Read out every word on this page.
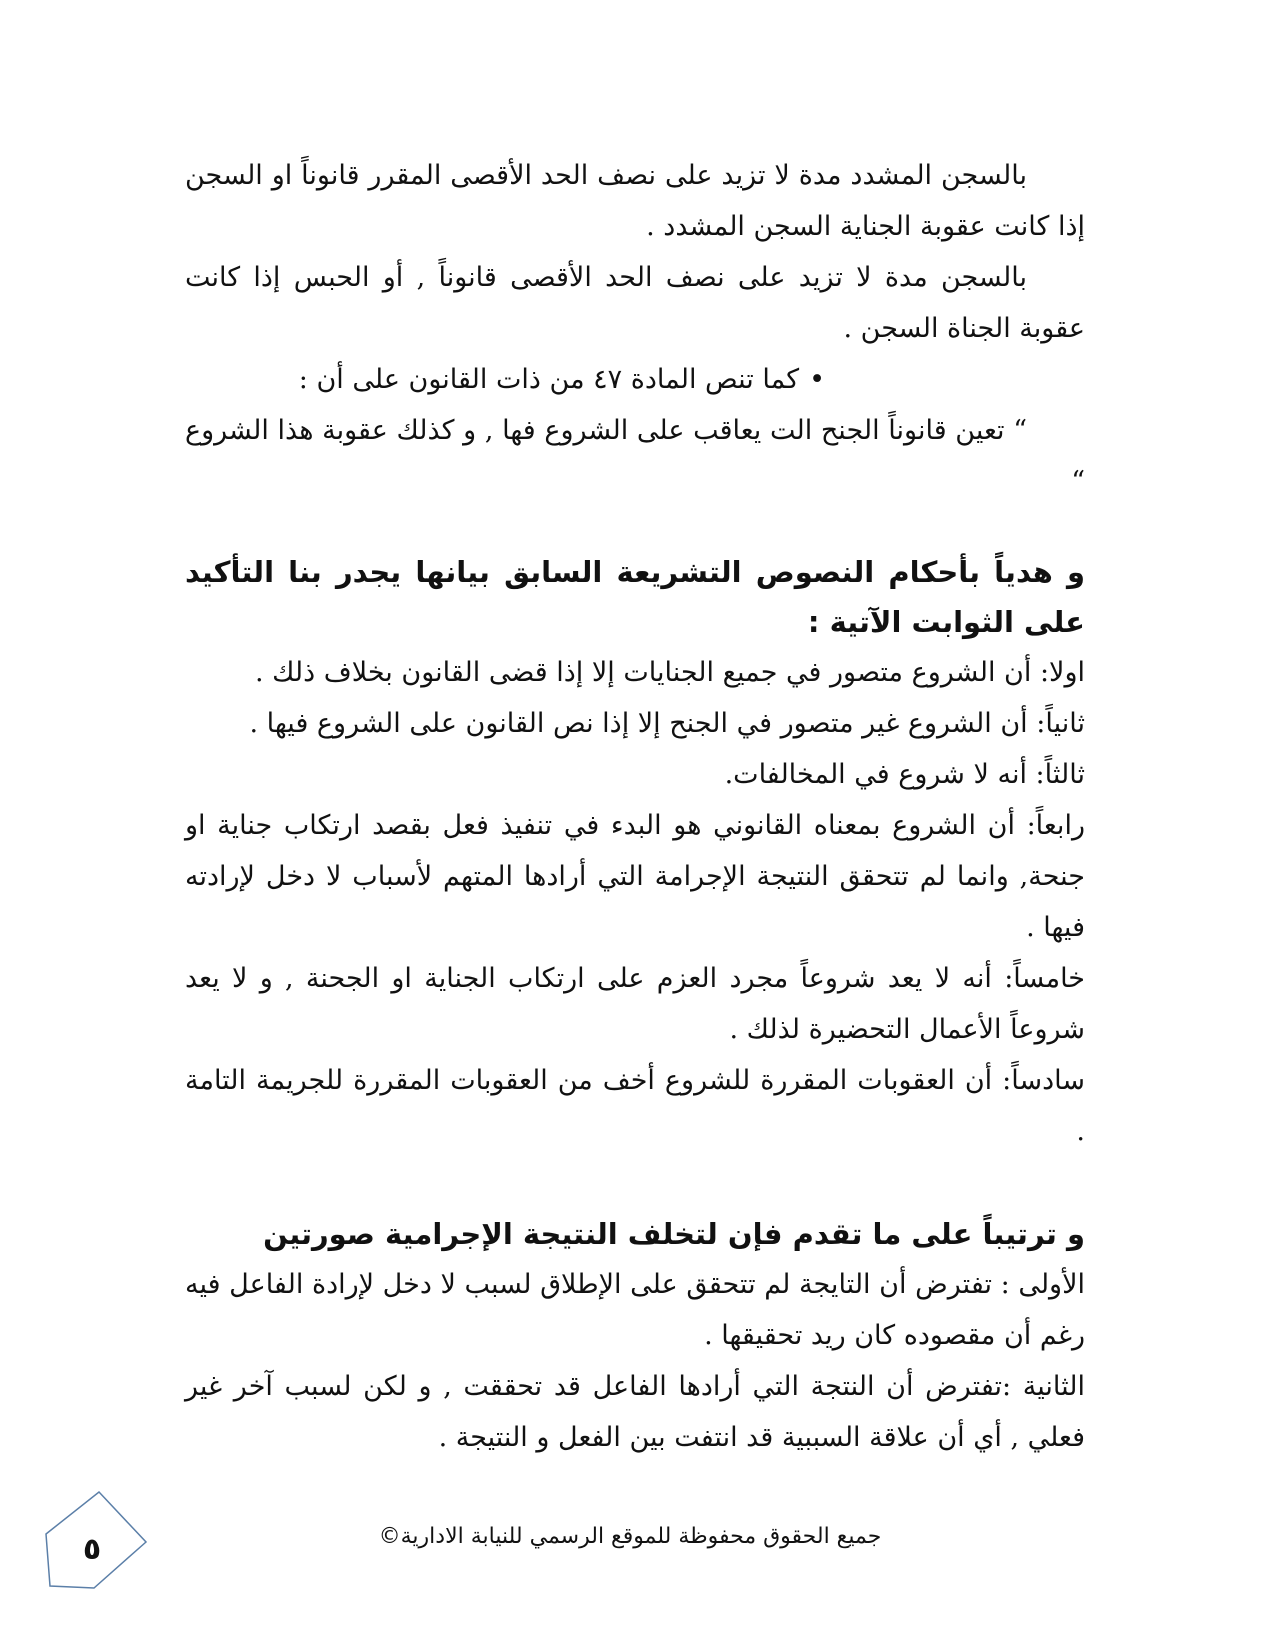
بالسجن المشدد مدة لا تزيد على نصف الحد الأقصى المقرر قانوناً او السجن إذا كانت عقوبة الجناية السجن المشدد .

بالسجن مدة لا تزيد على نصف الحد الأقصى قانوناً , أو الحبس إذا كانت عقوبة الجناة السجن .

•كما تنص المادة ٤٧ من ذات القانون على أن :

“ تعين قانوناً الجنح الت يعاقب على الشروع فها , و كذلك عقوبة هذا الشروع “

و هدياً بأحكام النصوص التشريعة السابق بيانها يجدر بنا التأكيد على الثوابت الآتية :

اولا: أن الشروع متصور في جميع الجنايات إلا إذا قضى القانون بخلاف ذلك .

ثانياً: أن الشروع غير متصور في الجنح إلا إذا نص القانون على الشروع فيها .

ثالثاً: أنه لا شروع في المخالفات.

رابعاً: أن الشروع بمعناه القانوني هو البدء في تنفيذ فعل بقصد ارتكاب جناية او جنحة, وانما لم تتحقق النتيجة الإجرامة التي أرادها المتهم لأسباب لا دخل لإرادته فيها .

خامساً: أنه لا يعد شروعاً مجرد العزم على ارتكاب الجناية او الجحنة , و لا يعد شروعاً الأعمال التحضيرة لذلك .

سادساً: أن العقوبات المقررة للشروع أخف من العقوبات المقررة للجريمة التامة .

و ترتيباً على ما تقدم فإن لتخلف النتيجة الإجرامية صورتين

الأولى : تفترض أن التايجة لم تتحقق على الإطلاق لسبب لا دخل لإرادة الفاعل فيه رغم أن مقصوده كان ريد تحقيقها .

الثانية :تفترض أن النتجة التي أرادها الفاعل قد تحققت , و لكن لسبب آخر غير فعلي , أي أن علاقة السببية قد انتفت بين الفعل و النتيجة .

٥	جميع الحقوق محفوظة للموقع الرسمي للنيابة الادارية©
